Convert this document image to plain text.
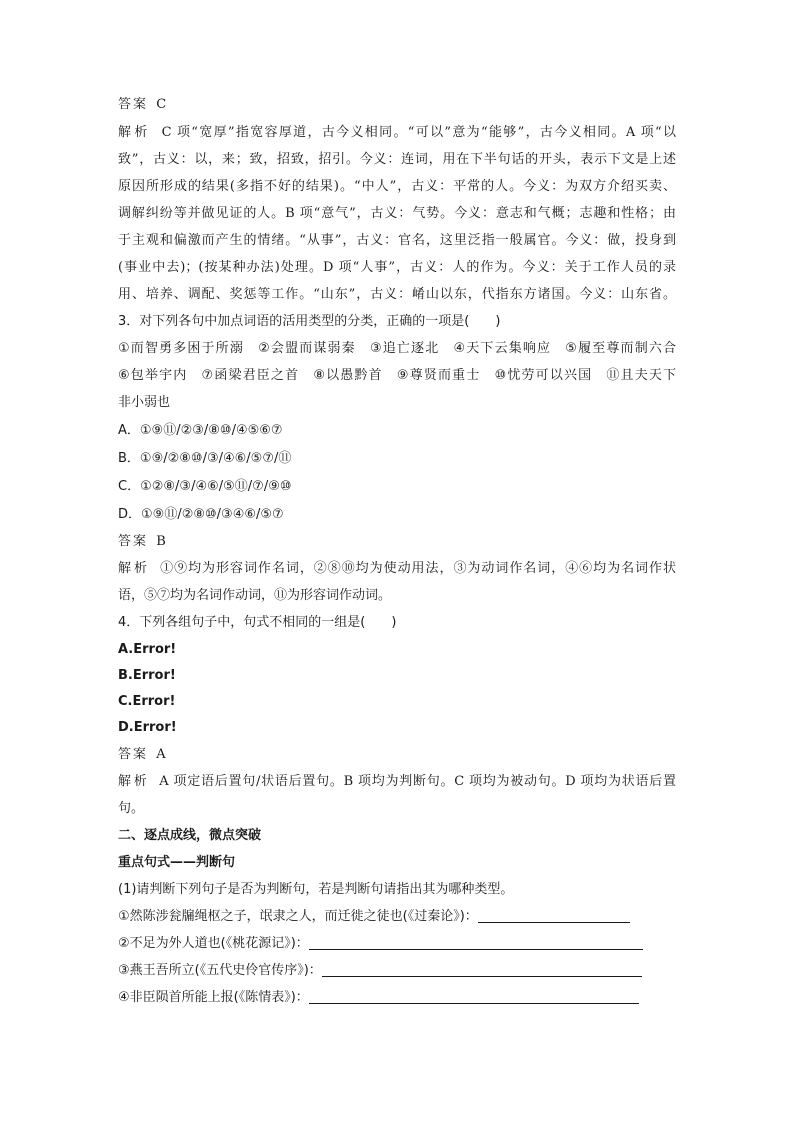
答案 C
解析 C 项“宽厚”指宽容厚道，古今义相同。“可以”意为“能够”，古今义相同。A 项“以
致”，古义：以，来；致，招致，招引。今义：连词，用在下半句话的开头，表示下文是上述
原因所形成的结果(多指不好的结果)。“中人”，古义：平常的人。今义：为双方介绍买卖、
调解纠纷等并做见证的人。B 项“意气”，古义：气势。今义：意志和气概；志趣和性格；由
于主观和偏激而产生的情绪。“从事”，古义：官名，这里泛指一般属官。今义：做，投身到
(事业中去)；(按某种办法)处理。D 项“人事”，古义：人的作为。今义：关于工作人员的录
用、培养、调配、奖惩等工作。“山东”，古义：崤山以东，代指东方诸国。今义：山东省。
3．对下列各句中加点词语的活用类型的分类，正确的一项是(　　)
①而智勇多困于所溺　②会盟而谋弱秦　③追亡逐北　④天下云集响应　⑤履至尊而制六合
⑥包举宇内　⑦函梁君臣之首　⑧以愚黔首　⑨尊贤而重士　⑩忧劳可以兴国　⑪且夫天下
非小弱也
A．①⑨⑪/②③/⑧⑩/④⑤⑥⑦
B．①⑨/②⑧⑩/③/④⑥/⑤⑦/⑪
C．①②⑧/③/④⑥/⑤⑪/⑦/⑨⑩
D．①⑨⑪/②⑧⑩/③④⑥/⑤⑦
答案 B
解析 ①⑨均为形容词作名词，②⑧⑩均为使动用法，③为动词作名词，④⑥均为名词作状
语，⑤⑦均为名词作动词，⑪为形容词作动词。
4．下列各组句子中，句式不相同的一组是(　　)
A.Error!
B.Error!
C.Error!
D.Error!
答案 A
解析 A 项定语后置句/状语后置句。B 项均为判断句。C 项均为被动句。D 项均为状语后置
句。
二、逐点成线，微点突破
重点句式——判断句
(1)请判断下列句子是否为判断句，若是判断句请指出其为哪种类型。
①然陈涉瓮牖绳枢之子，氓隶之人，而迁徙之徒也(《过秦论》)：
②不足为外人道也(《桃花源记》)：
③燕王吾所立(《五代史伶官传序》)：
④非臣陨首所能上报(《陈情表》)：
